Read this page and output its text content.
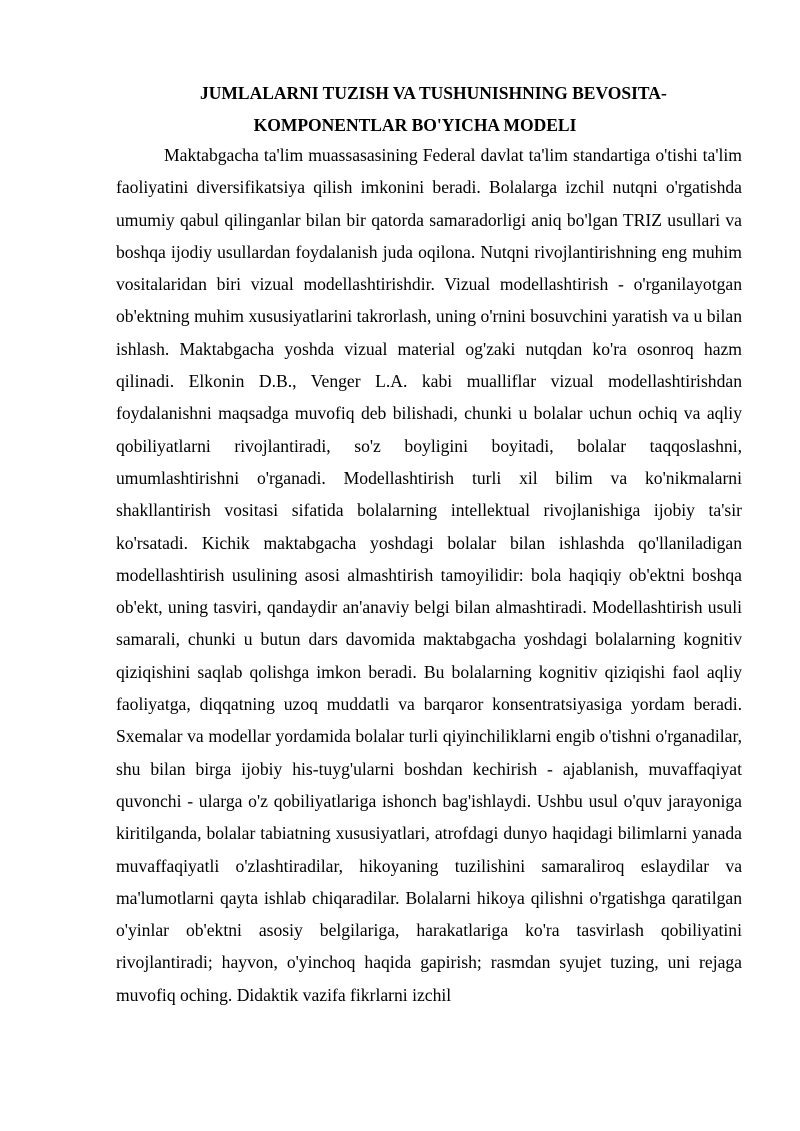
JUMLALARNI TUZISH VA TUSHUNISHNING BEVOSITA-
KOMPONENTLAR BO'YICHA MODELI

Maktabgacha ta'lim muassasasining Federal davlat ta'lim standartiga o'tishi ta'lim faoliyatini diversifikatsiya qilish imkonini beradi. Bolalarga izchil nutqni o'rgatishda umumiy qabul qilinganlar bilan bir qatorda samaradorligi aniq bo'lgan TRIZ usullari va boshqa ijodiy usullardan foydalanish juda oqilona. Nutqni rivojlantirishning eng muhim vositalaridan biri vizual modellashtirishdir. Vizual modellashtirish - o'rganilayotgan ob'ektning muhim xususiyatlarini takrorlash, uning o'rnini bosuvchini yaratish va u bilan ishlash. Maktabgacha yoshda vizual material og'zaki nutqdan ko'ra osonroq hazm qilinadi. Elkonin D.B., Venger L.A. kabi mualliflar vizual modellashtirishdan foydalanishni maqsadga muvofiq deb bilishadi, chunki u bolalar uchun ochiq va aqliy qobiliyatlarni rivojlantiradi, so'z boyligini boyitadi, bolalar taqqoslashni, umumlashtirishni o'rganadi. Modellashtirish turli xil bilim va ko'nikmalarni shakllantirish vositasi sifatida bolalarning intellektual rivojlanishiga ijobiy ta'sir ko'rsatadi. Kichik maktabgacha yoshdagi bolalar bilan ishlashda qo'llaniladigan modellashtirish usulining asosi almashtirish tamoyilidir: bola haqiqiy ob'ektni boshqa ob'ekt, uning tasviri, qandaydir an'anaviy belgi bilan almashtiradi. Modellashtirish usuli samarali, chunki u butun dars davomida maktabgacha yoshdagi bolalarning kognitiv qiziqishini saqlab qolishga imkon beradi. Bu bolalarning kognitiv qiziqishi faol aqliy faoliyatga, diqqatning uzoq muddatli va barqaror konsentratsiyasiga yordam beradi. Sxemalar va modellar yordamida bolalar turli qiyinchiliklarni engib o'tishni o'rganadilar, shu bilan birga ijobiy his-tuyg'ularni boshdan kechirish - ajablanish, muvaffaqiyat quvonchi - ularga o'z qobiliyatlariga ishonch bag'ishlaydi. Ushbu usul o'quv jarayoniga kiritilganda, bolalar tabiatning xususiyatlari, atrofdagi dunyo haqidagi bilimlarni yanada muvaffaqiyatli o'zlashtiradilar, hikoyaning tuzilishini samaraliroq eslaydilar va ma'lumotlarni qayta ishlab chiqaradilar. Bolalarni hikoya qilishni o'rgatishga qaratilgan o'yinlar ob'ektni asosiy belgilariga, harakatlariga ko'ra tasvirlash qobiliyatini rivojlantiradi; hayvon, o'yinchoq haqida gapirish; rasmdan syujet tuzing, uni rejaga muvofiq oching. Didaktik vazifa fikrlarni izchil
